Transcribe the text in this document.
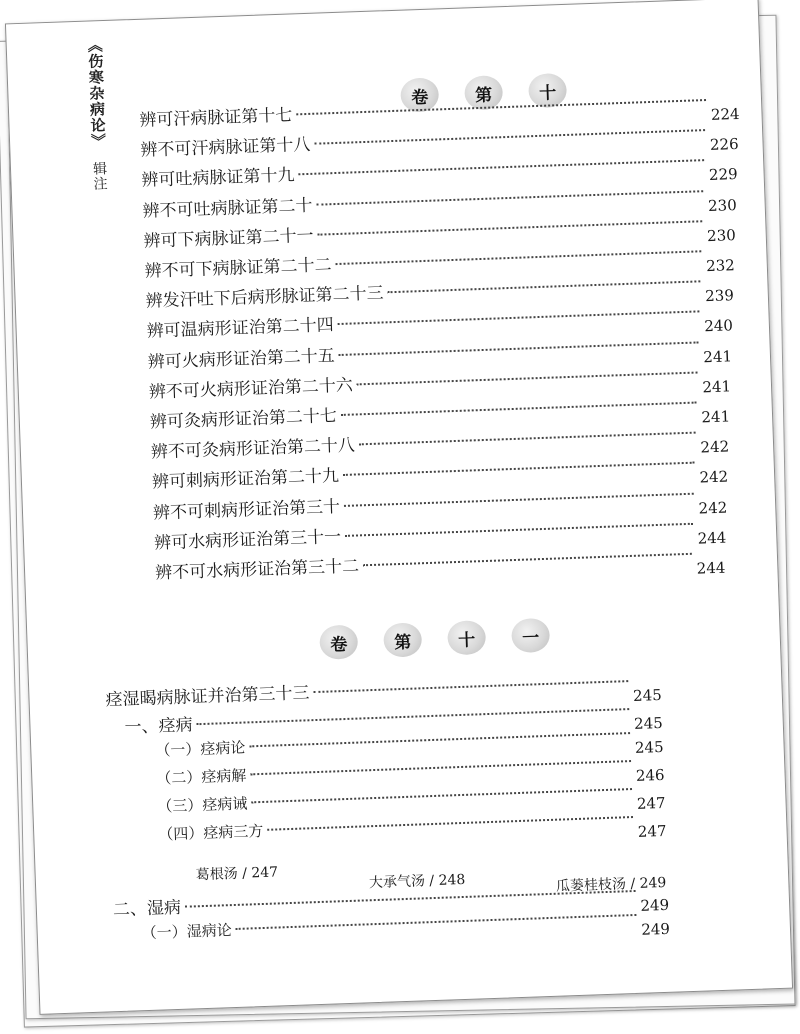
《伤寒杂病论》 辑注
卷	第	十
辨可汗病脉证第十七	224
辨不可汗病脉证第十八	226
辨可吐病脉证第十九	229
辨不可吐病脉证第二十	230
辨可下病脉证第二十一	230
辨不可下病脉证第二十二	232
辨发汗吐下后病形脉证第二十三	239
辨可温病形证治第二十四	240
辨可火病形证治第二十五	241
辨不可火病形证治第二十六	241
辨可灸病形证治第二十七	241
辨不可灸病形证治第二十八	242
辨可刺病形证治第二十九	242
辨不可刺病形证治第三十	242
辨可水病形证治第三十一	244
辨不可水病形证治第三十二	244
卷	第	十	一
痉湿暍病脉证并治第三十三	245
一、痉病	245
（一）痉病论	245
（二）痉病解	246
（三）痉病诫	247
（四）痉病三方	247
葛根汤 / 247	大承气汤 / 248	瓜蒌桂枝汤 / 249
二、湿病	249
（一）湿病论	249
